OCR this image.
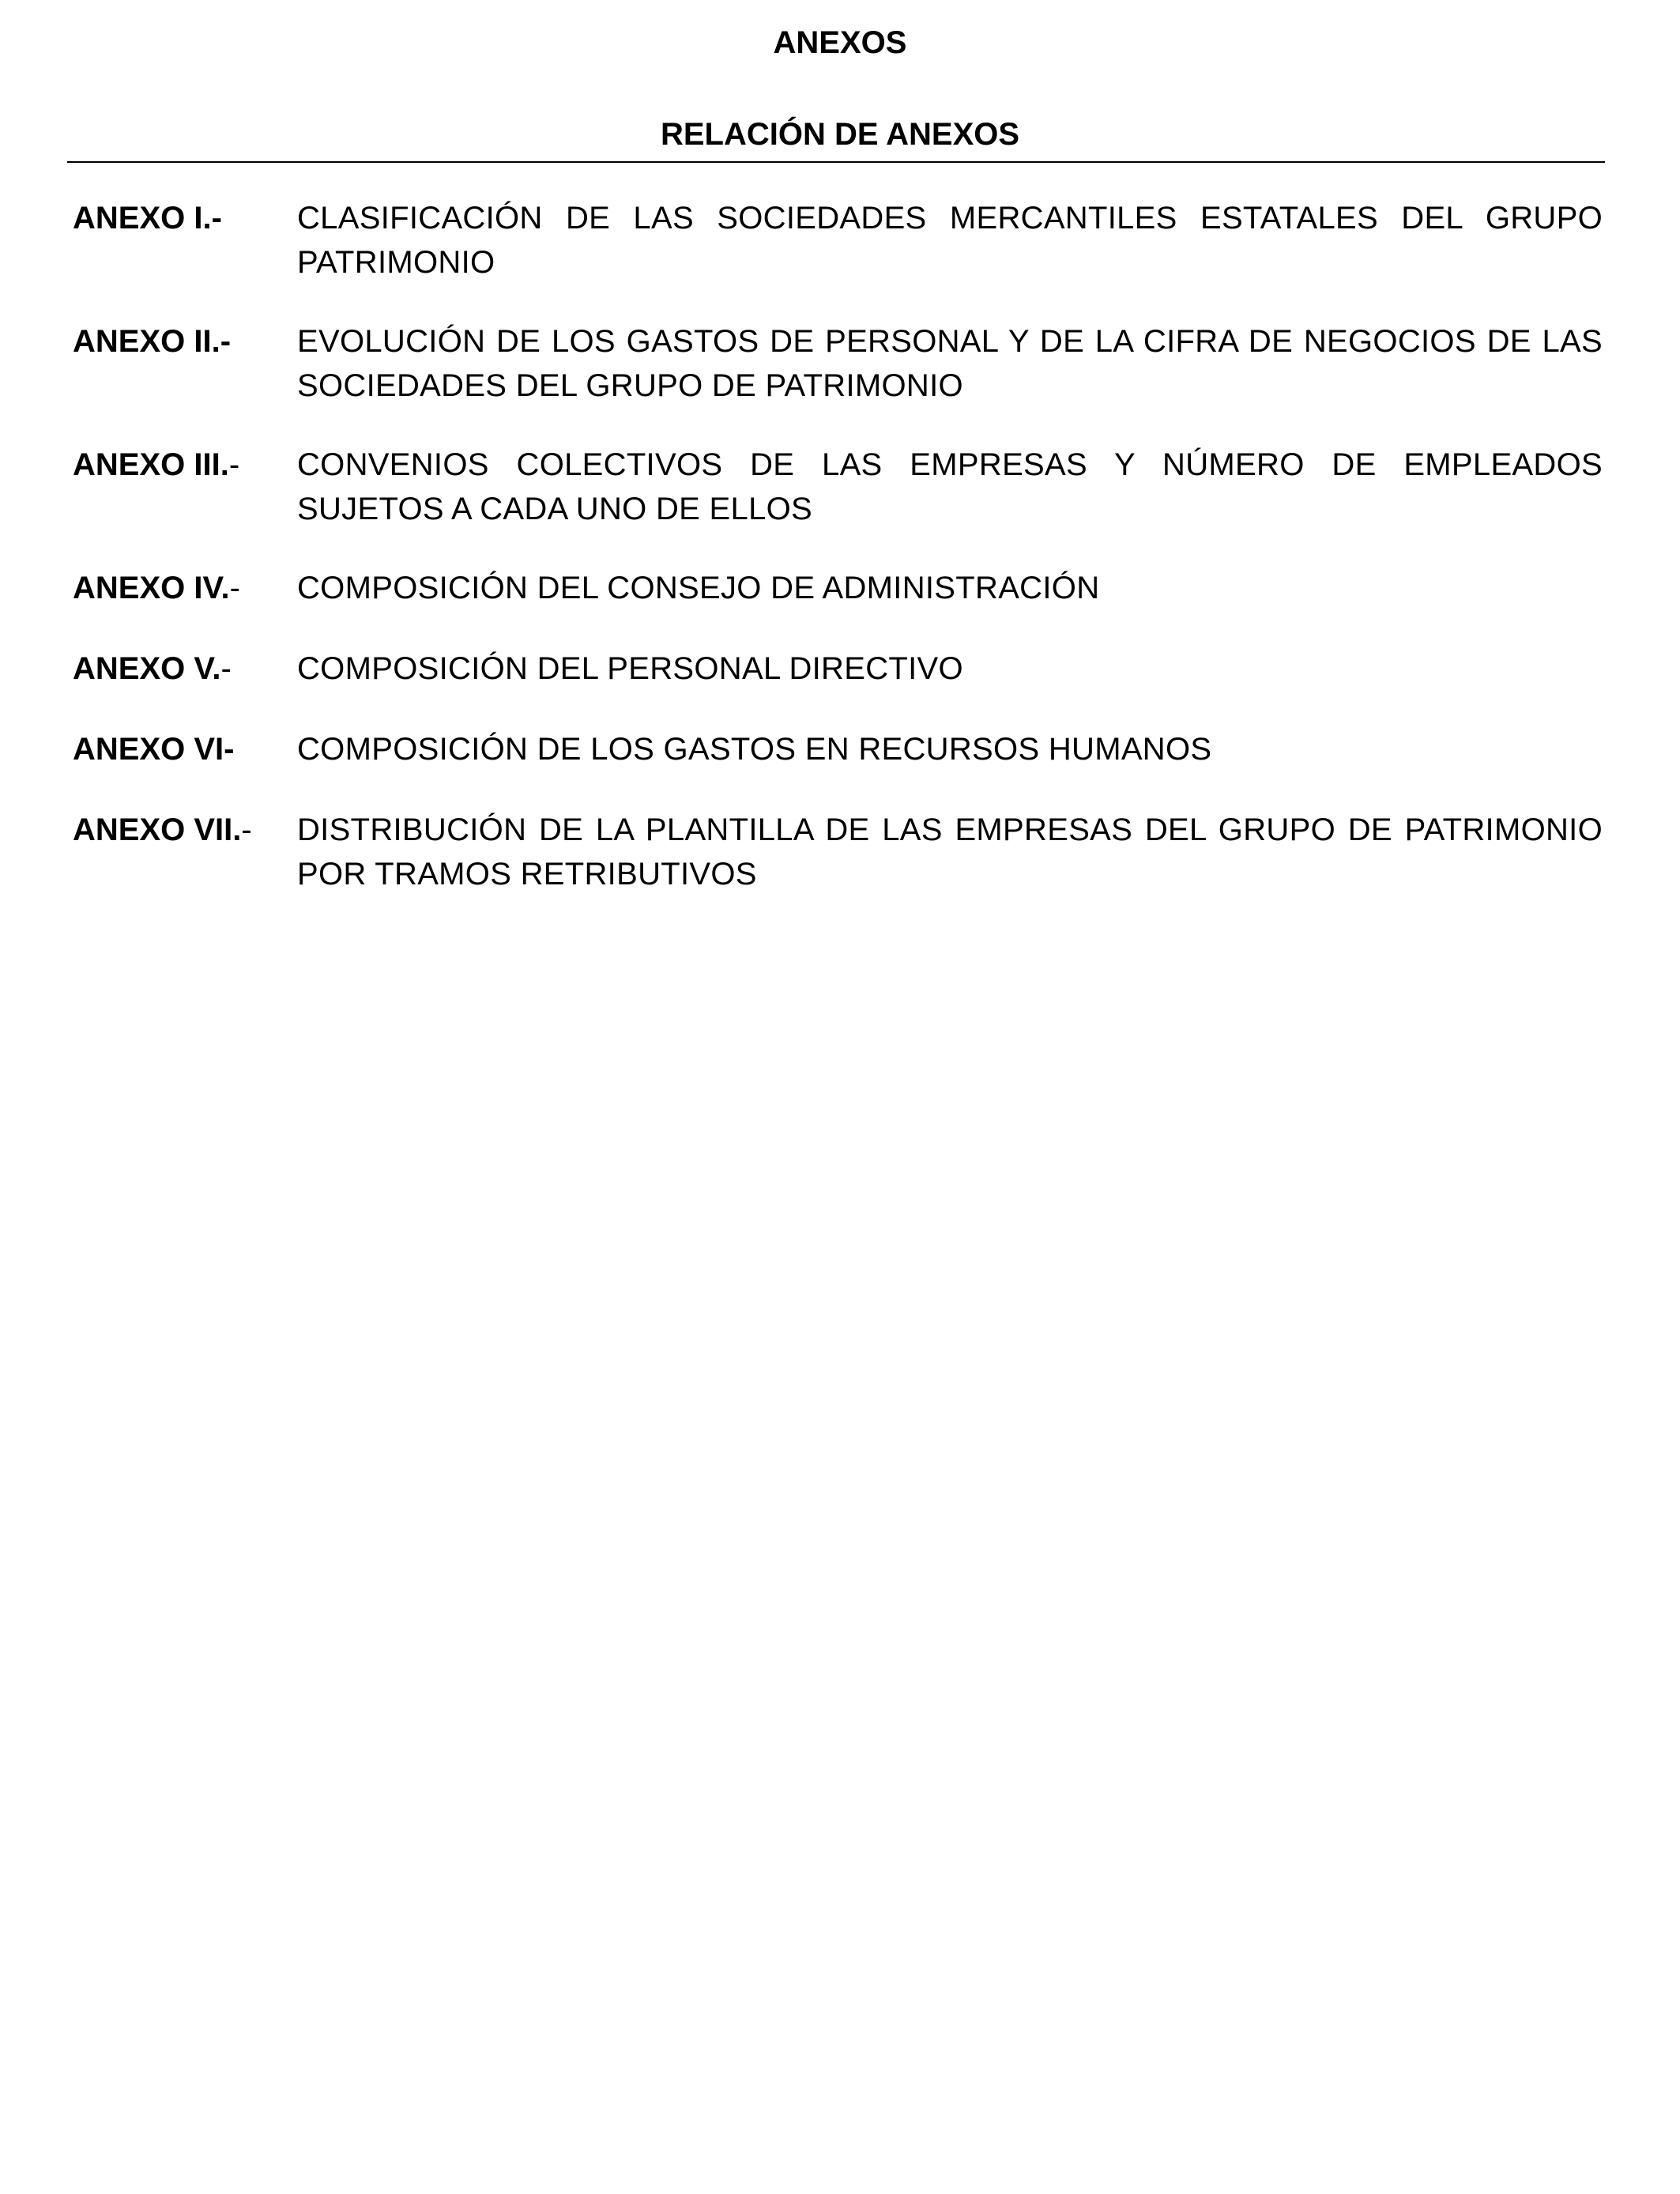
ANEXOS
RELACIÓN DE ANEXOS
ANEXO I.-	CLASIFICACIÓN DE LAS SOCIEDADES MERCANTILES ESTATALES DEL GRUPO PATRIMONIO
ANEXO II.-	EVOLUCIÓN DE LOS GASTOS DE PERSONAL Y DE LA CIFRA DE NEGOCIOS DE LAS SOCIEDADES DEL GRUPO DE PATRIMONIO
ANEXO III.-	CONVENIOS COLECTIVOS DE LAS EMPRESAS Y NÚMERO DE EMPLEADOS SUJETOS A CADA UNO DE ELLOS
ANEXO IV.-	COMPOSICIÓN DEL CONSEJO DE ADMINISTRACIÓN
ANEXO V.-	COMPOSICIÓN DEL PERSONAL DIRECTIVO
ANEXO VI-	COMPOSICIÓN DE LOS GASTOS EN RECURSOS HUMANOS
ANEXO VII.-	DISTRIBUCIÓN DE LA PLANTILLA DE LAS EMPRESAS DEL GRUPO DE PATRIMONIO POR TRAMOS RETRIBUTIVOS
